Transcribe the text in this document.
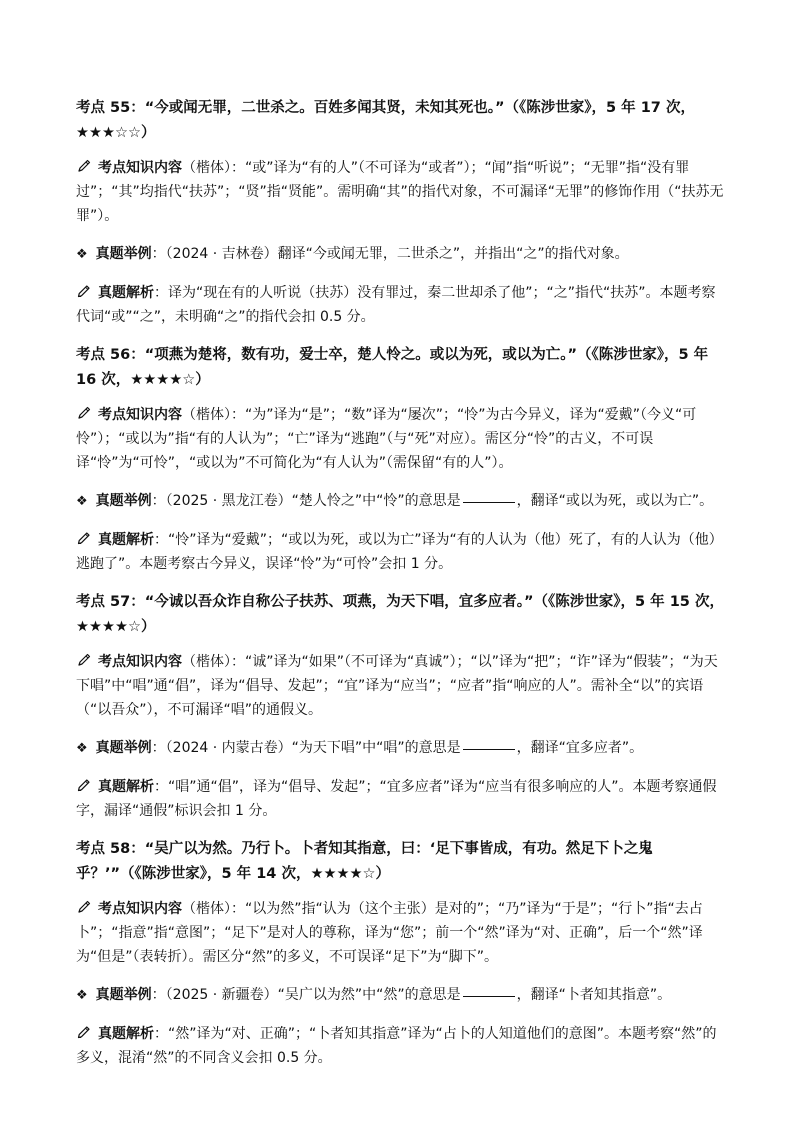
考点 55：“今或闻无罪，二世杀之。百姓多闻其贤，未知其死也。”（《陈涉世家》，5 年 17 次，★★★☆☆）
考点知识内容（楷体）：“或”译为“有的人”（不可译为“或者”）；“闻”指“听说”；“无罪”指“没有罪过”；“其”均指代“扶苏”；“贤”指“贤能”。需明确“其”的指代对象，不可漏译“无罪”的修饰作用（“扶苏无罪”）。
❖ 真题举例：（2024 · 吉林卷）翻译“今或闻无罪，二世杀之”，并指出“之”的指代对象。
真题解析：译为“现在有的人听说（扶苏）没有罪过，秦二世却杀了他”；“之”指代“扶苏”。本题考察代词“或”“之”，未明确“之”的指代会扣 0.5 分。
考点 56：“项燕为楚将，数有功，爱士卒，楚人怜之。或以为死，或以为亡。”（《陈涉世家》，5 年 16 次，★★★★☆）
考点知识内容（楷体）：“为”译为“是”；“数”译为“屡次”；“怜”为古今异义，译为“爱戴”（今义“可怜”）；“或以为”指“有的人认为”；“亡”译为“逃跑”（与“死”对应）。需区分“怜”的古义，不可误译“怜”为“可怜”，“或以为”不可简化为“有人认为”（需保留“有的人”）。
❖ 真题举例：（2025 · 黑龙江卷）“楚人怜之”中“怜”的意思是	，翻译“或以为死，或以为亡”。
真题解析：“怜”译为“爱戴”；“或以为死，或以为亡”译为“有的人认为（他）死了，有的人认为（他）逃跑了”。本题考察古今异义，误译“怜”为“可怜”会扣 1 分。
考点 57：“今诚以吾众诈自称公子扶苏、项燕，为天下唱，宜多应者。”（《陈涉世家》，5 年 15 次，★★★★☆）
考点知识内容（楷体）：“诚”译为“如果”（不可译为“真诚”）；“以”译为“把”；“诈”译为“假装”；“为天下唱”中“唱”通“倡”，译为“倡导、发起”；“宜”译为“应当”；“应者”指“响应的人”。需补全“以”的宾语（“以吾众”），不可漏译“唱”的通假义。
❖ 真题举例：（2024 · 内蒙古卷）“为天下唱”中“唱”的意思是	，翻译“宜多应者”。
真题解析：“唱”通“倡”，译为“倡导、发起”；“宜多应者”译为“应当有很多响应的人”。本题考察通假字，漏译“通假”标识会扣 1 分。
考点 58：“吴广以为然。乃行卜。卜者知其指意，曰：‘足下事皆成，有功。然足下卜之鬼乎？’”（《陈涉世家》，5 年 14 次，★★★★☆）
考点知识内容（楷体）：“以为然”指“认为（这个主张）是对的”；“乃”译为“于是”；“行卜”指“去占卜”；“指意”指“意图”；“足下”是对人的尊称，译为“您”；前一个“然”译为“对、正确”，后一个“然”译为“但是”（表转折）。需区分“然”的多义，不可误译“足下”为“脚下”。
❖ 真题举例：（2025 · 新疆卷）“吴广以为然”中“然”的意思是	，翻译“卜者知其指意”。
真题解析：“然”译为“对、正确”；“卜者知其指意”译为“占卜的人知道他们的意图”。本题考察“然”的多义，混淆“然”的不同含义会扣 0.5 分。
